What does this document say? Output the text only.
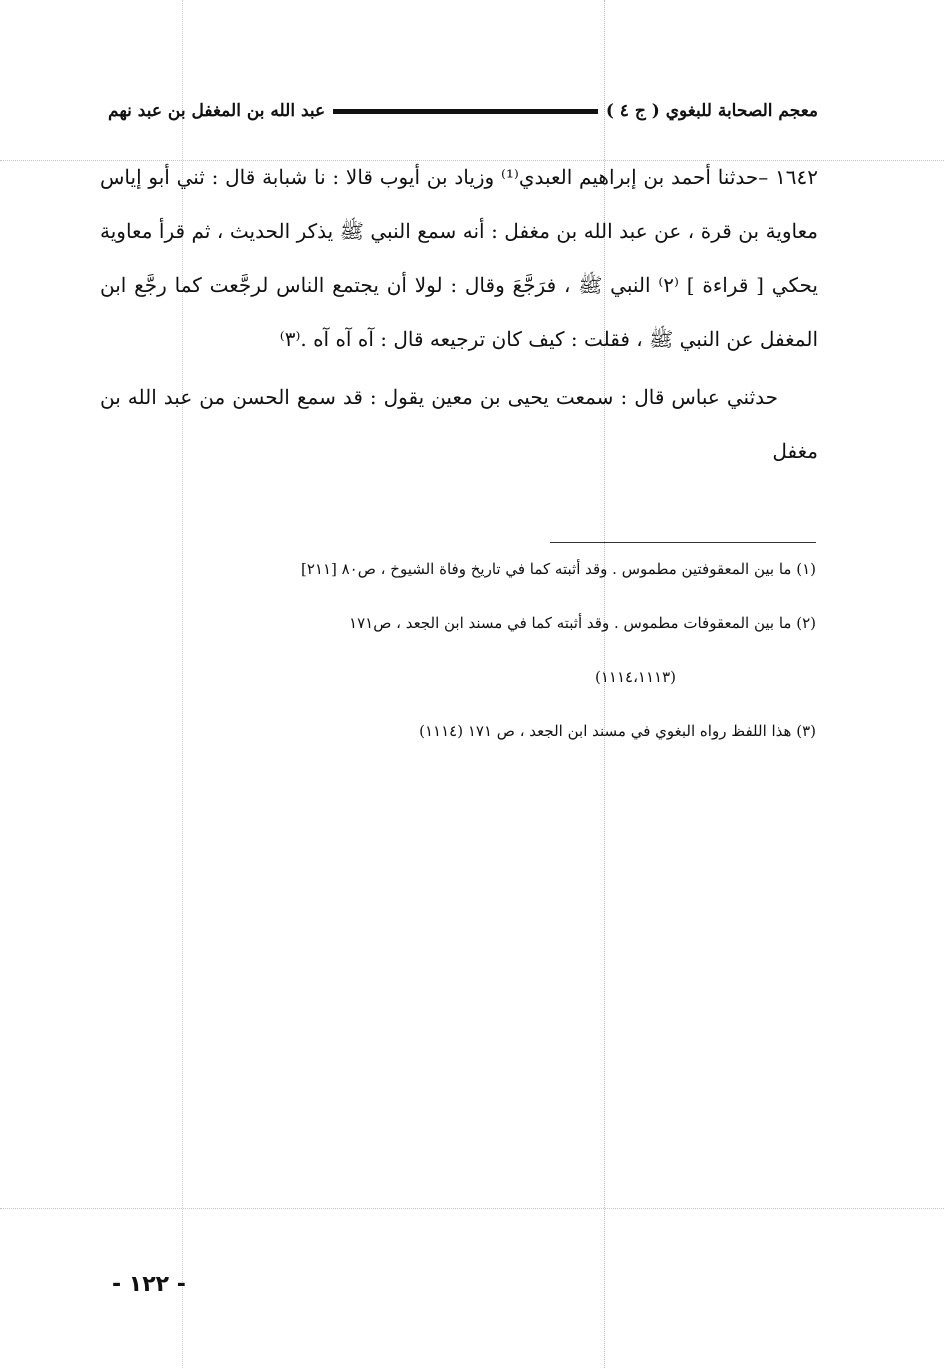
معجم الصحابة للبغوي ( ج ٤ )
عبد الله بن المغفل بن عبد نهم

١٦٤٢ –حدثنا أحمد بن إبراهيم العبدي⁽¹⁾ وزياد بن أيوب قالا : نا شبابة قال : ثني أبو إياس معاوية بن قرة ، عن عبد الله بن مغفل : أنه سمع النبي ﷺ يذكر الحديث ، ثم قرأ معاوية يحكي [ قراءة ] ⁽٢⁾ النبي ﷺ ، فرَجَّعَ وقال : لولا أن يجتمع الناس لرجَّعت كما رجَّع ابن المغفل عن النبي ﷺ ، فقلت : كيف كان ترجيعه قال : آه آه آه .⁽٣⁾

حدثني عباس قال : سمعت يحيى بن معين يقول : قد سمع الحسن من عبد الله بن مغفل

(١) ما بين المعقوفتين مطموس . وقد أثبته كما في تاريخ وفاة الشيوخ ، ص٨٠ [٢١١]
(٢) ما بين المعقوفات مطموس . وقد أثبته كما في مسند ابن الجعد ، ص١٧١
(١١١٤،١١١٣)
(٣) هذا اللفظ رواه البغوي في مسند ابن الجعد ، ص ١٧١ (١١١٤)
- ١٢٢ -
